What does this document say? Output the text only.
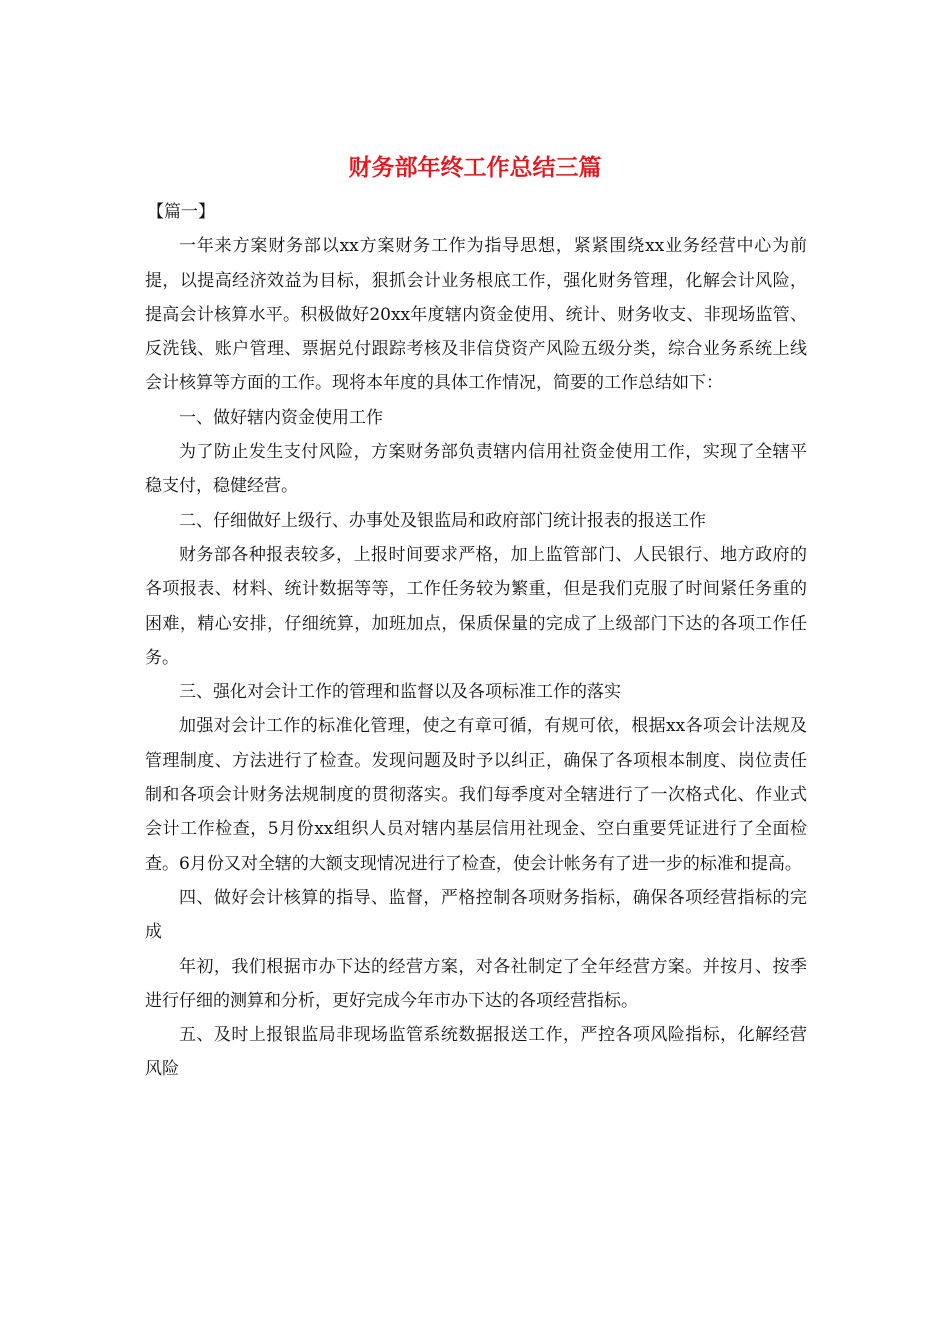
财务部年终工作总结三篇

【篇一】

一年来方案财务部以xx方案财务工作为指导思想，紧紧围绕xx业务经营中心为前提，以提高经济效益为目标，狠抓会计业务根底工作，强化财务管理，化解会计风险，提高会计核算水平。积极做好20xx年度辖内资金使用、统计、财务收支、非现场监管、反洗钱、账户管理、票据兑付跟踪考核及非信贷资产风险五级分类，综合业务系统上线会计核算等方面的工作。现将本年度的具体工作情况，简要的工作总结如下：

一、做好辖内资金使用工作

为了防止发生支付风险，方案财务部负责辖内信用社资金使用工作，实现了全辖平稳支付，稳健经营。

二、仔细做好上级行、办事处及银监局和政府部门统计报表的报送工作

财务部各种报表较多，上报时间要求严格，加上监管部门、人民银行、地方政府的各项报表、材料、统计数据等等，工作任务较为繁重，但是我们克服了时间紧任务重的困难，精心安排，仔细统算，加班加点，保质保量的完成了上级部门下达的各项工作任务。

三、强化对会计工作的管理和监督以及各项标准工作的落实

加强对会计工作的标准化管理，使之有章可循，有规可依，根据xx各项会计法规及管理制度、方法进行了检查。发现问题及时予以纠正，确保了各项根本制度、岗位责任制和各项会计财务法规制度的贯彻落实。我们每季度对全辖进行了一次格式化、作业式会计工作检查，5月份xx组织人员对辖内基层信用社现金、空白重要凭证进行了全面检查。6月份又对全辖的大额支现情况进行了检查，使会计帐务有了进一步的标准和提高。

四、做好会计核算的指导、监督，严格控制各项财务指标，确保各项经营指标的完成

年初，我们根据市办下达的经营方案，对各社制定了全年经营方案。并按月、按季进行仔细的测算和分析，更好完成今年市办下达的各项经营指标。

五、及时上报银监局非现场监管系统数据报送工作，严控各项风险指标，化解经营风险
